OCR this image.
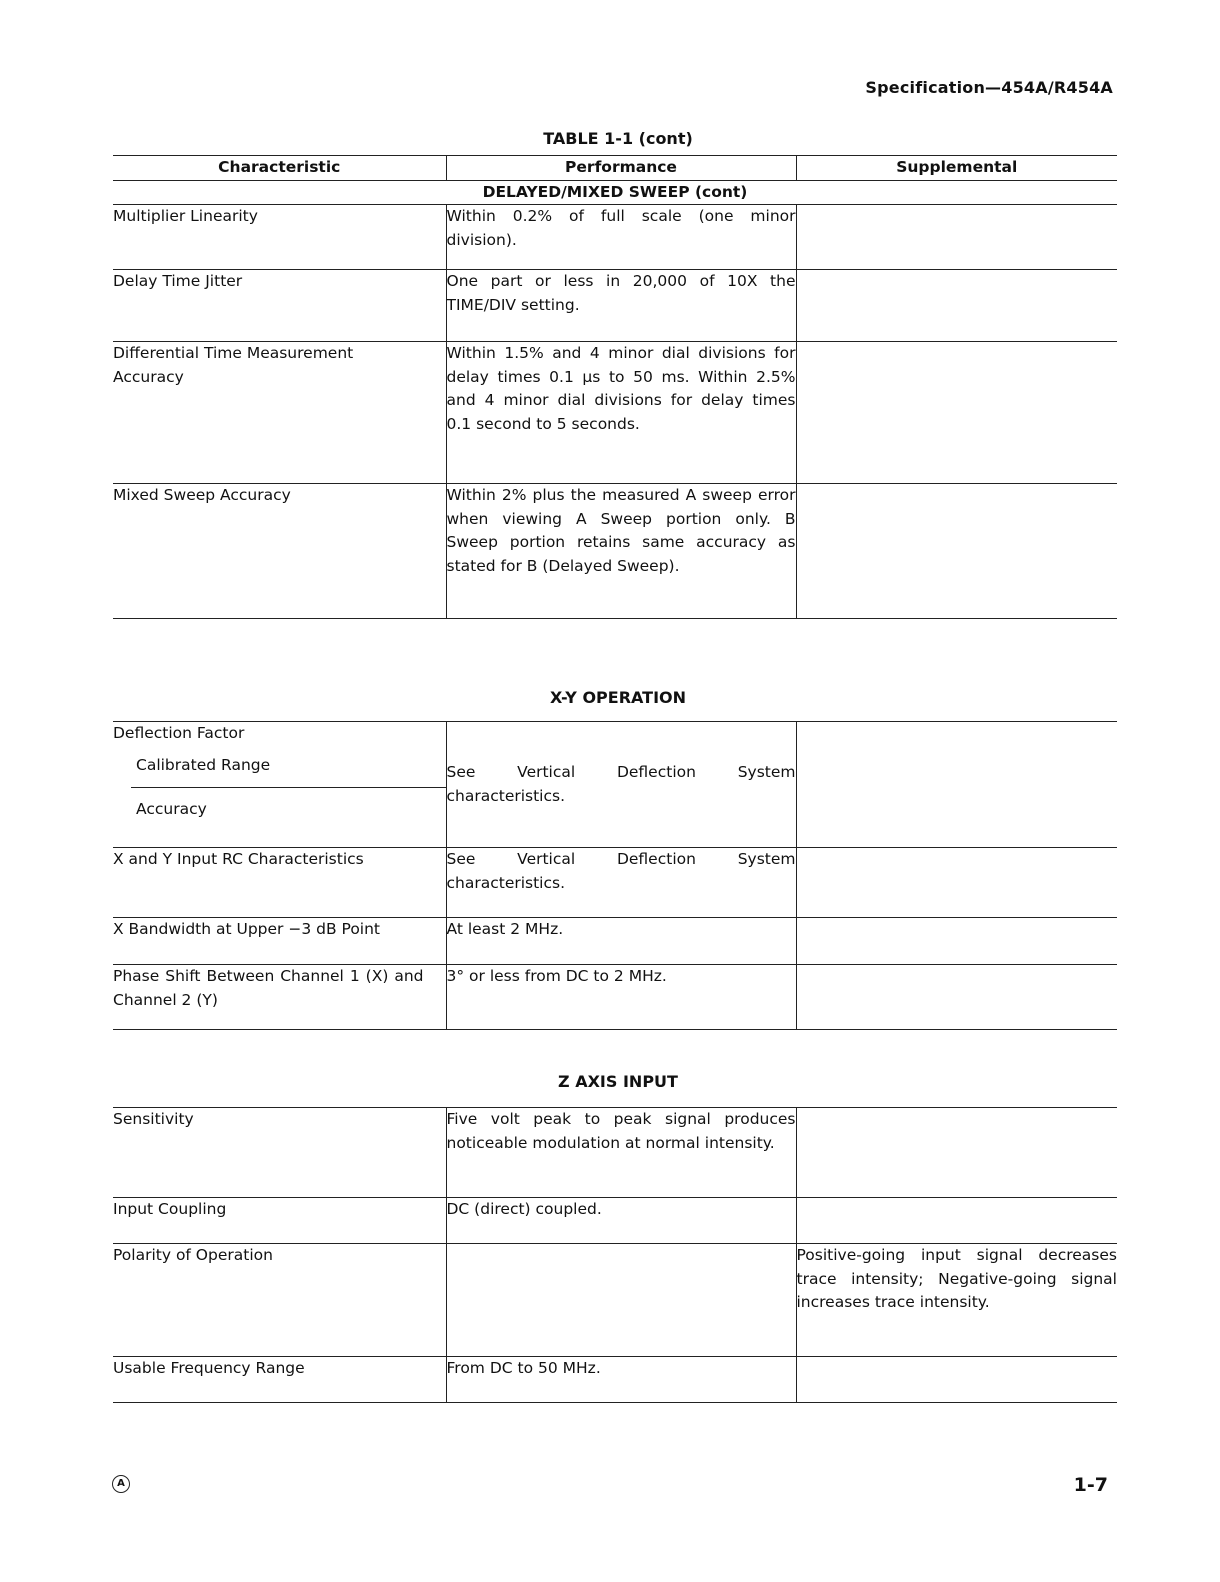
Specification—454A/R454A
TABLE 1-1 (cont)
Characteristic	Performance	Supplemental
DELAYED/MIXED SWEEP (cont)		
Multiplier Linearity	Within 0.2% of full scale (one minor division).	
Delay Time Jitter	One part or less in 20,000 of 10X the TIME/DIV setting.	
Differential Time Measurement Accuracy	Within 1.5% and 4 minor dial divisions for delay times 0.1 µs to 50 ms. Within 2.5% and 4 minor dial divisions for delay times 0.1 second to 5 seconds.	
Mixed Sweep Accuracy	Within 2% plus the measured A sweep error when viewing A Sweep portion only. B Sweep portion retains same accuracy as stated for B (Delayed Sweep).	
X-Y OPERATION
Deflection Factor
Calibrated Range
Accuracy	See Vertical Deflection System characteristics.	
X and Y Input RC Characteristics	See Vertical Deflection System characteristics.	
X Bandwidth at Upper −3 dB Point	At least 2 MHz.	
Phase Shift Between Channel 1 (X) and Channel 2 (Y)	3° or less from DC to 2 MHz.	
Z AXIS INPUT
Sensitivity	Five volt peak to peak signal produces noticeable modulation at normal intensity.	
Input Coupling	DC (direct) coupled.	
Polarity of Operation		Positive-going input signal decreases trace intensity; Negative-going signal increases trace intensity.
Usable Frequency Range	From DC to 50 MHz.	
A	1-7
